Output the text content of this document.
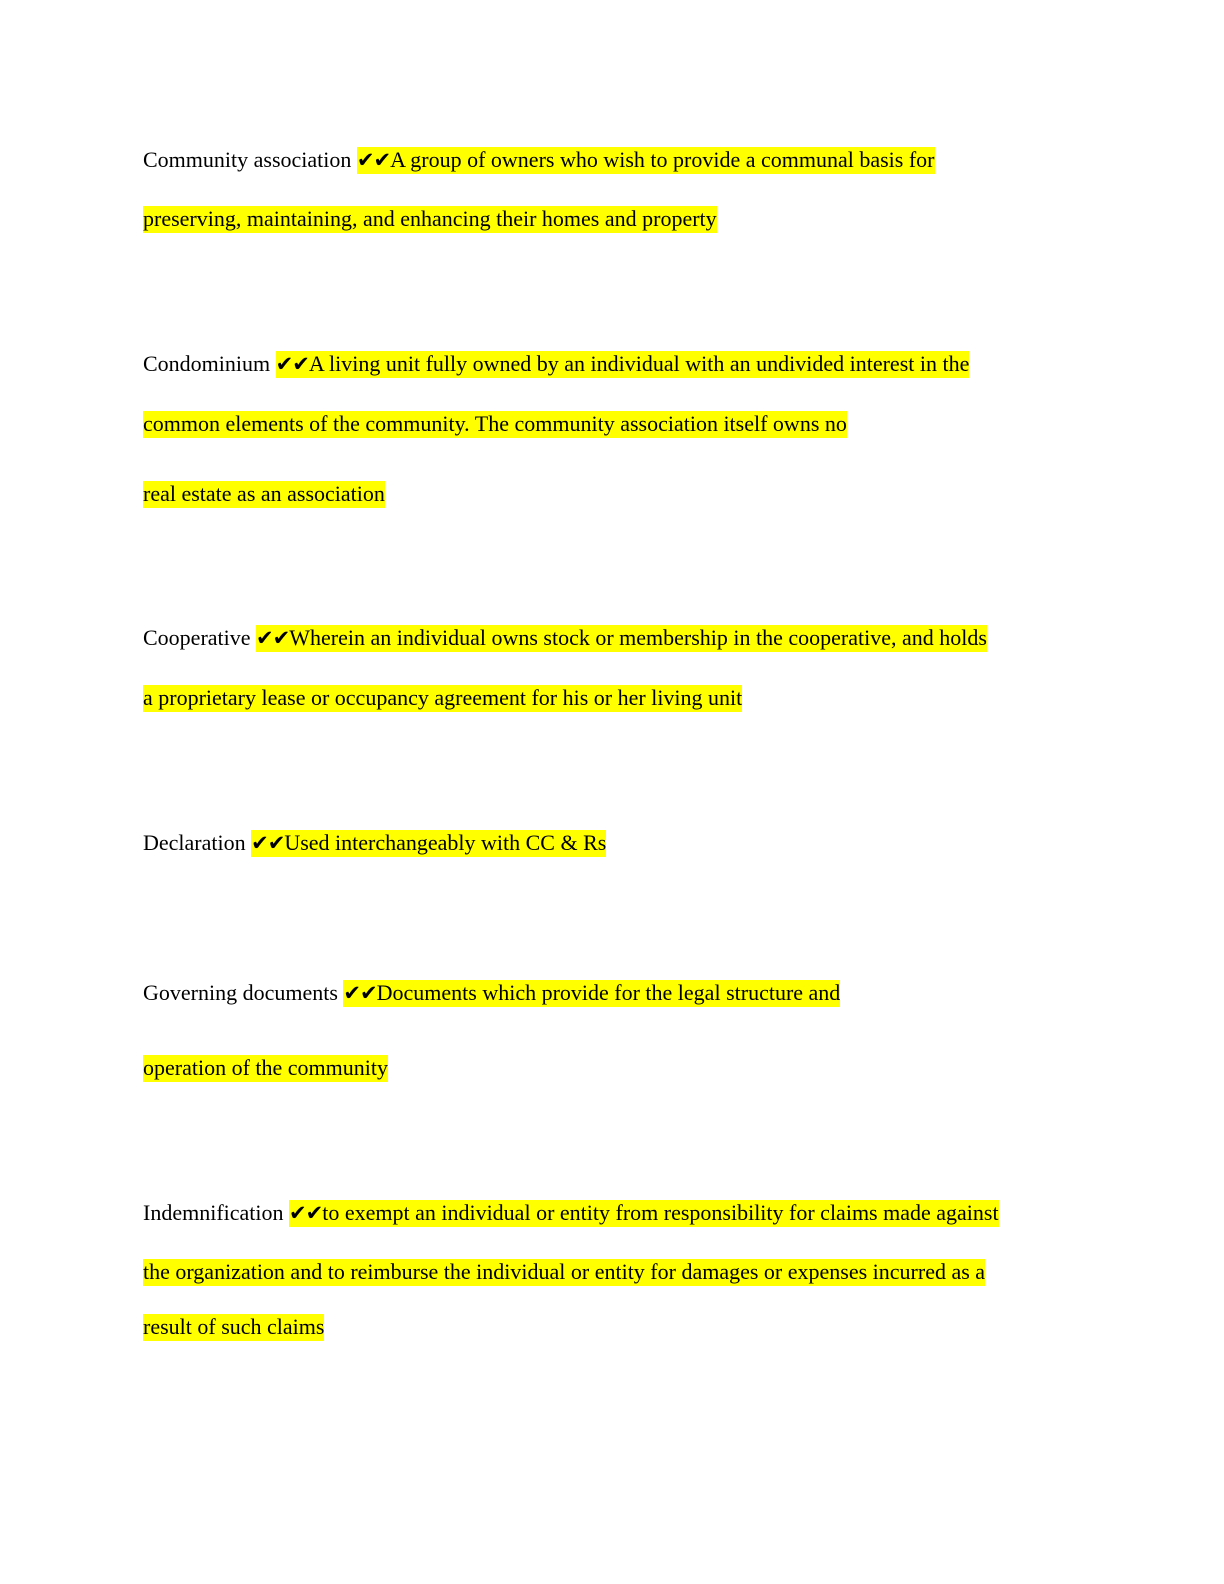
Community association ✔✔A group of owners who wish to provide a communal basis for
preserving, maintaining, and enhancing their homes and property
Condominium ✔✔A living unit fully owned by an individual with an undivided interest in the
common elements of the community. The community association itself owns no
real estate as an association
Cooperative ✔✔Wherein an individual owns stock or membership in the cooperative, and holds
a proprietary lease or occupancy agreement for his or her living unit
Declaration ✔✔Used interchangeably with CC & Rs
Governing documents ✔✔Documents which provide for the legal structure and
operation of the community
Indemnification ✔✔to exempt an individual or entity from responsibility for claims made against
the organization and to reimburse the individual or entity for damages or expenses incurred as a
result of such claims
